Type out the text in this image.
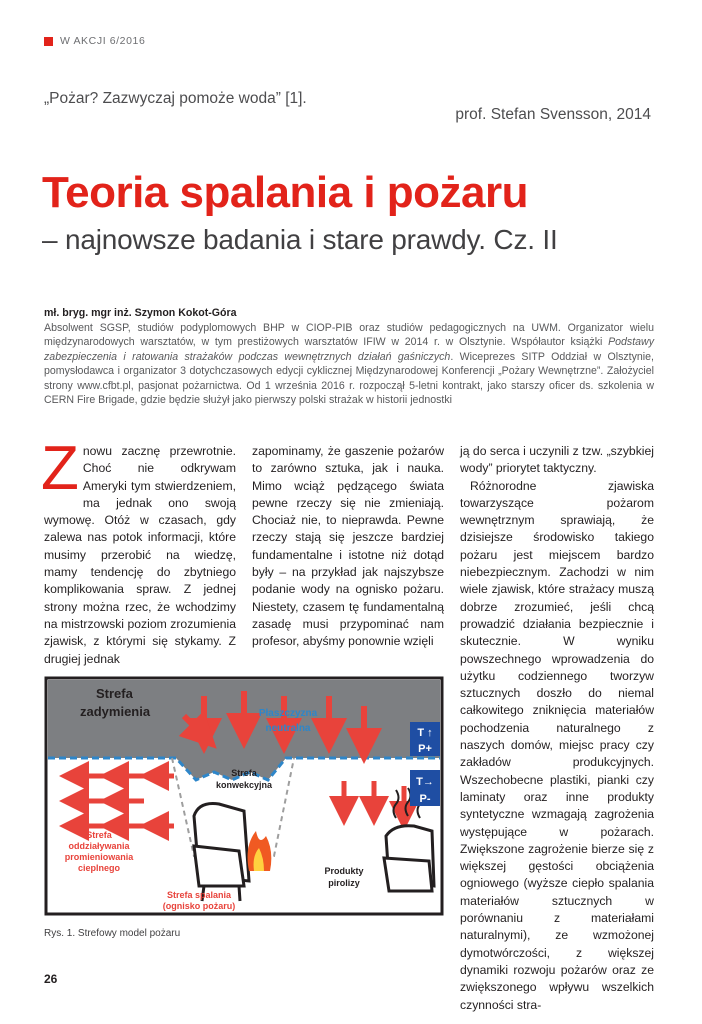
W AKCJI 6/2016
„Pożar? Zazwyczaj pomoże woda” [1].
prof. Stefan Svensson, 2014
Teoria spalania i pożaru
– najnowsze badania i stare prawdy. Cz. II
mł. bryg. mgr inż. Szymon Kokot-Góra
Absolwent SGSP, studiów podyplomowych BHP w CIOP-PIB oraz studiów pedagogicznych na UWM. Organizator wielu międzynarodowych warsztatów, w tym prestiżowych warsztatów IFIW w 2014 r. w Olsztynie. Współautor książki Podstawy zabezpieczenia i ratowania strażaków podczas wewnętrznych działań gaśniczych. Wiceprezes SITP Oddział w Olsztynie, pomysłodawca i organizator 3 dotychczasowych edycji cyklicznej Międzynarodowej Konferencji „Pożary Wewnętrzne”. Założyciel strony www.cfbt.pl, pasjonat pożarnictwa. Od 1 września 2016 r. rozpoczął 5-letni kontrakt, jako starszy oficer ds. szkolenia w CERN Fire Brigade, gdzie będzie służył jako pierwszy polski strażak w historii jednostki

Znowu zacznę przewrotnie. Choć nie odkrywam Ameryki tym stwierdzeniem, ma jednak ono swoją wymowę. Otóż w czasach, gdy zalewa nas potok informacji, które musimy przerobić na wiedzę, mamy tendencję do zbytniego komplikowania spraw. Z jednej strony można rzec, że wchodzimy na mistrzowski poziom zrozumienia zjawisk, z którymi się stykamy. Z drugiej jednak

zapominamy, że gaszenie pożarów to zarówno sztuka, jak i nauka. Mimo wciąż pędzącego świata pewne rzeczy się nie zmieniają. Chociaż nie, to nieprawda. Pewne rzeczy stają się jeszcze bardziej fundamentalne i istotne niż dotąd były – na przykład jak najszybsze podanie wody na ognisko pożaru. Niestety, czasem tę fundamentalną zasadę musi przypominać nam profesor, abyśmy ponownie wzięli

ją do serca i uczynili z tzw. „szybkiej wody” priorytet taktyczny.

Różnorodne zjawiska towarzyszące pożarom wewnętrznym sprawiają, że dzisiejsze środowisko takiego pożaru jest miejscem bardzo niebezpiecznym. Zachodzi w nim wiele zjawisk, które strażacy muszą dobrze zrozumieć, jeśli chcą prowadzić działania bezpiecznie i skutecznie. W wyniku powszechnego wprowadzenia do użytku codziennego tworzyw sztucznych doszło do niemal całkowitego zniknięcia materiałów pochodzenia naturalnego z naszych domów, miejsc pracy czy zakładów produkcyjnych. Wszechobecne plastiki, pianki czy laminaty oraz inne produkty syntetyczne wzmagają zagrożenia występujące w pożarach. Zwiększone zagrożenie bierze się z większej gęstości obciążenia ogniowego (wyższe ciepło spalania materiałów sztucznych w porównaniu z materiałami naturalnymi), ze wzmożonej dymotwórczości, z większej dynamiki rozwoju pożarów oraz ze zwiększonego wpływu wszelkich czynności stra-

Strefa
zadymienia	Płaszczyzna
neutralna	T ↑
P+
T→
P-
Strefa
konwekcyjna
Strefa
oddziaływania
promieniowania
cieplnego
Strefa spalania
(ognisko pożaru)
Produkty
pirolizy
Rys. 1. Strefowy model pożaru
26
